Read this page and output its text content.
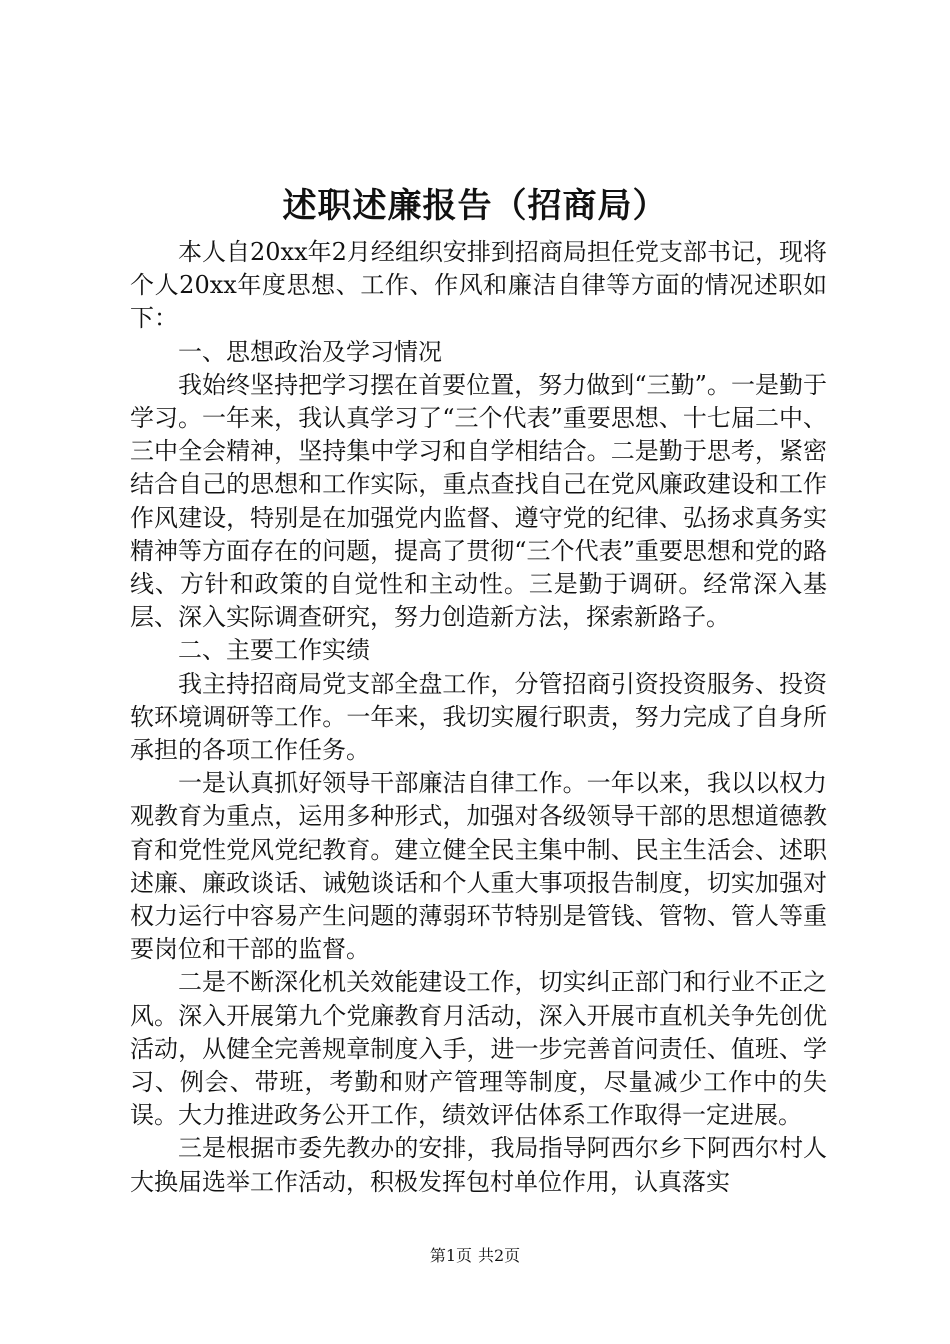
述职述廉报告（招商局）

本人自20xx年2月经组织安排到招商局担任党支部书记，现将个人20xx年度思想、工作、作风和廉洁自律等方面的情况述职如下：

一、思想政治及学习情况

我始终坚持把学习摆在首要位置，努力做到“三勤”。一是勤于学习。一年来，我认真学习了“三个代表”重要思想、十七届二中、三中全会精神，坚持集中学习和自学相结合。二是勤于思考，紧密结合自己的思想和工作实际，重点查找自己在党风廉政建设和工作作风建设，特别是在加强党内监督、遵守党的纪律、弘扬求真务实精神等方面存在的问题，提高了贯彻“三个代表”重要思想和党的路线、方针和政策的自觉性和主动性。三是勤于调研。经常深入基层、深入实际调查研究，努力创造新方法，探索新路子。

二、主要工作实绩

我主持招商局党支部全盘工作，分管招商引资投资服务、投资软环境调研等工作。一年来，我切实履行职责，努力完成了自身所承担的各项工作任务。

一是认真抓好领导干部廉洁自律工作。一年以来，我以以权力观教育为重点，运用多种形式，加强对各级领导干部的思想道德教育和党性党风党纪教育。建立健全民主集中制、民主生活会、述职述廉、廉政谈话、诫勉谈话和个人重大事项报告制度，切实加强对权力运行中容易产生问题的薄弱环节特别是管钱、管物、管人等重要岗位和干部的监督。

二是不断深化机关效能建设工作，切实纠正部门和行业不正之风。深入开展第九个党廉教育月活动，深入开展市直机关争先创优活动，从健全完善规章制度入手，进一步完善首问责任、值班、学习、例会、带班，考勤和财产管理等制度，尽量减少工作中的失误。大力推进政务公开工作，绩效评估体系工作取得一定进展。

三是根据市委先教办的安排，我局指导阿西尔乡下阿西尔村人大换届选举工作活动，积极发挥包村单位作用，认真落实

第1页 共2页
